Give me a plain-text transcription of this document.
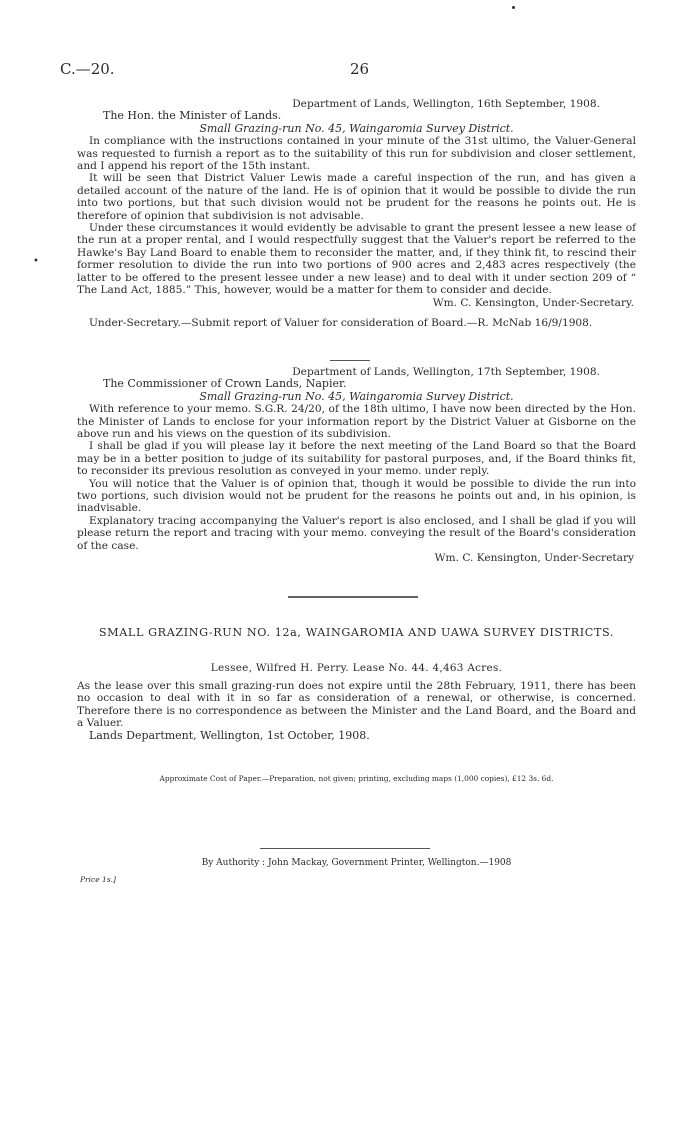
•
C.—20.	26
Department of Lands, Wellington, 16th September, 1908.
The Hon. the Minister of Lands.
Small Grazing-run No. 45, Waingaromia Survey District.
In compliance with the instructions contained in your minute of the 31st ultimo, the Valuer-General was requested to furnish a report as to the suitability of this run for subdivision and closer settlement, and I append his report of the 15th instant.
It will be seen that District Valuer Lewis made a careful inspection of the run, and has given a detailed account of the nature of the land. He is of opinion that it would be possible to divide the run into two portions, but that such division would not be prudent for the reasons he points out. He is therefore of opinion that subdivision is not advisable.
Under these circumstances it would evidently be advisable to grant the present lessee a new lease of the run at a proper rental, and I would respectfully suggest that the Valuer's report be referred to the Hawke's Bay Land Board to enable them to reconsider the matter, and, if they think fit, to rescind their former resolution to divide the run into two portions of 900 acres and 2,483 acres respectively (the latter to be offered to the present lessee under a new lease) and to deal with it under section 209 of “ The Land Act, 1885.” This, however, would be a matter for them to consider and decide.
Wm. C. Kensington, Under-Secretary.
Under-Secretary.—Submit report of Valuer for consideration of Board.—R. McNab 16/9/1908.
Department of Lands, Wellington, 17th September, 1908.
The Commissioner of Crown Lands, Napier.
Small Grazing-run No. 45, Waingaromia Survey District.
With reference to your memo. S.G.R. 24/20, of the 18th ultimo, I have now been directed by the Hon. the Minister of Lands to enclose for your information report by the District Valuer at Gisborne on the above run and his views on the question of its subdivision.
I shall be glad if you will please lay it before the next meeting of the Land Board so that the Board may be in a better position to judge of its suitability for pastoral purposes, and, if the Board thinks fit, to reconsider its previous resolution as conveyed in your memo. under reply.
You will notice that the Valuer is of opinion that, though it would be possible to divide the run into two portions, such division would not be prudent for the reasons he points out and, in his opinion, is inadvisable.
Explanatory tracing accompanying the Valuer's report is also enclosed, and I shall be glad if you will please return the report and tracing with your memo. conveying the result of the Board's consideration of the case.
Wm. C. Kensington, Under-Secretary
SMALL GRAZING-RUN NO. 12a, WAINGAROMIA AND UAWA SURVEY DISTRICTS.
Lessee, Wilfred H. Perry. Lease No. 44. 4,463 Acres.
As the lease over this small grazing-run does not expire until the 28th February, 1911, there has been no occasion to deal with it in so far as consideration of a renewal, or otherwise, is concerned. Therefore there is no correspondence as between the Minister and the Land Board, and the Board and a Valuer.
Lands Department, Wellington, 1st October, 1908.
Approximate Cost of Paper.—Preparation, not given; printing, excluding maps (1,000 copies), £12 3s. 6d.
By Authority : John Mackay, Government Printer, Wellington.—1908
Price 1s.]
